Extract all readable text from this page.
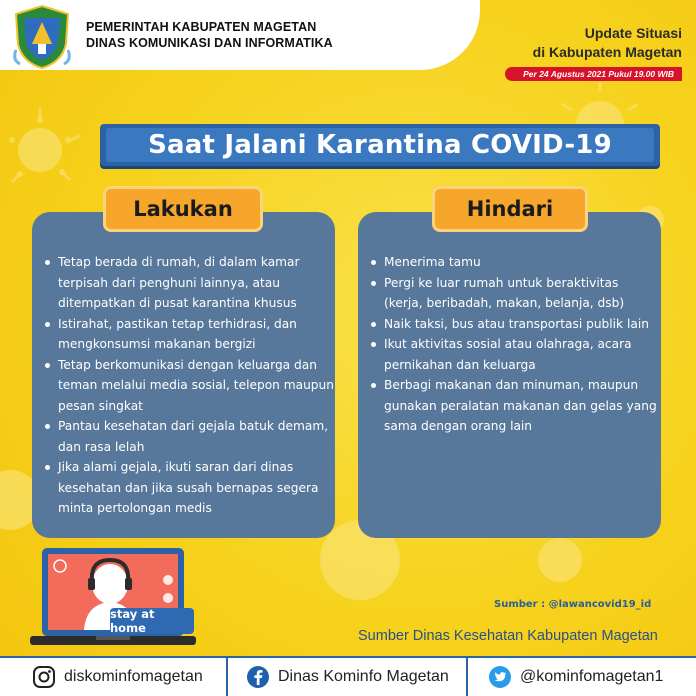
PEMERINTAH KABUPATEN MAGETAN
DINAS KOMUNIKASI DAN INFORMATIKA
Update Situasi
di Kabupaten Magetan
Per 24 Agustus 2021 Pukul 19.00 WIB
Saat Jalani Karantina COVID-19
Lakukan	Hindari
Tetap berada di rumah, di dalam kamar terpisah dari penghuni lainnya, atau ditempatkan di pusat karantina khusus
Istirahat, pastikan tetap terhidrasi, dan mengkonsumsi makanan bergizi
Tetap berkomunikasi dengan keluarga dan teman melalui media sosial, telepon maupun pesan singkat
Pantau kesehatan dari gejala batuk demam, dan rasa lelah
Jika alami gejala, ikuti saran dari dinas kesehatan dan jika susah bernapas segera minta pertolongan medis
Menerima tamu
Pergi ke luar rumah untuk beraktivitas (kerja, beribadah, makan, belanja, dsb)
Naik taksi, bus atau transportasi publik lain
Ikut aktivitas sosial atau olahraga, acara pernikahan dan keluarga
Berbagi makanan dan minuman, maupun gunakan peralatan makanan dan gelas yang sama dengan orang lain
stay at home
Sumber : @lawancovid19_id
Sumber Dinas Kesehatan Kabupaten Magetan
diskominfomagetan	Dinas Kominfo Magetan	@kominfomagetan1
